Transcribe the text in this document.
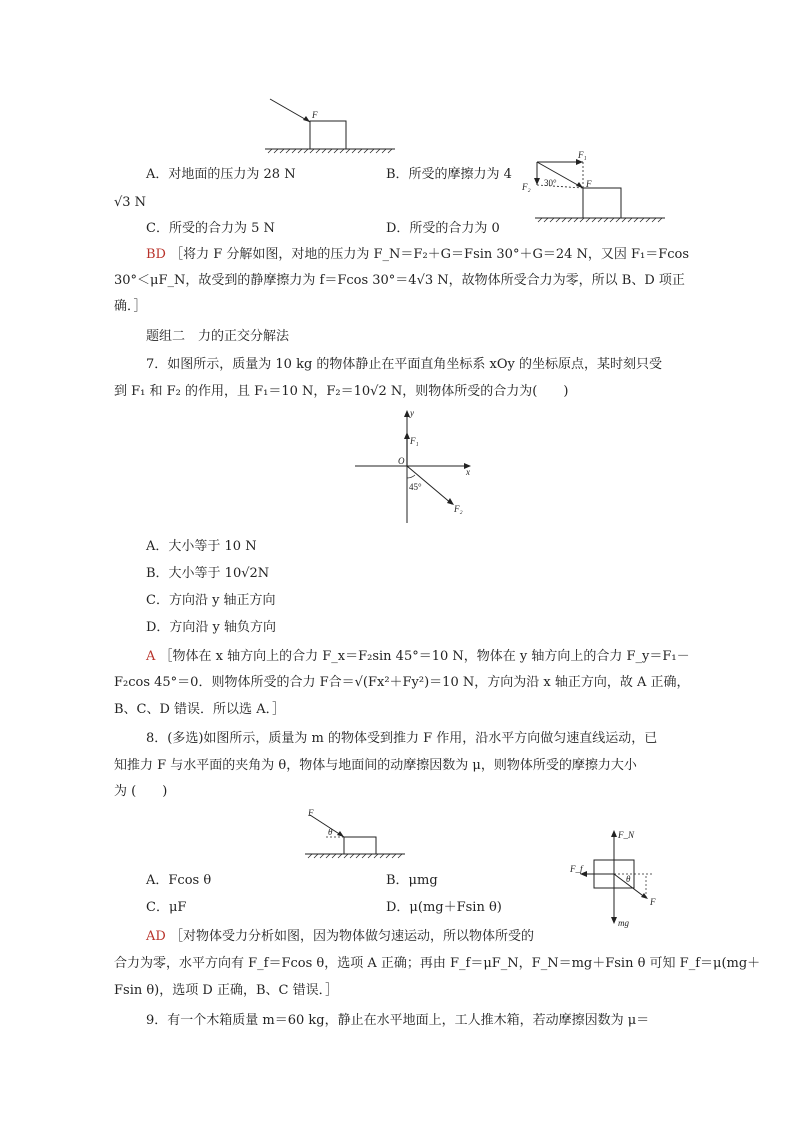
F
F₁
F₂ 30°	F
A．对地面的压力为 28 N	B．所受的摩擦力为 4
√3 N
C．所受的合力为 5 N	D．所受的合力为 0
BD ［将力 F 分解如图，对地的压力为 F_N＝F₂＋G＝Fsin 30°＋G＝24 N，又因 F₁＝Fcos
30°＜μF_N，故受到的静摩擦力为 f＝Fcos 30°＝4√3 N，故物体所受合力为零，所以 B、D 项正
确．］
题组二　力的正交分解法
7．如图所示，质量为 10 kg 的物体静止在平面直角坐标系 xOy 的坐标原点，某时刻只受
到 F₁ 和 F₂ 的作用，且 F₁＝10 N，F₂＝10√2 N，则物体所受的合力为(　　)
y
x
O
F₁
F₂
45°
A．大小等于 10 N
B．大小等于 10√2N
C．方向沿 y 轴正方向
D．方向沿 y 轴负方向
A ［物体在 x 轴方向上的合力 F_x＝F₂sin 45°＝10 N，物体在 y 轴方向上的合力 F_y＝F₁－
F₂cos 45°＝0．则物体所受的合力 F合＝√(Fx²＋Fy²)＝10 N，方向为沿 x 轴正方向，故 A 正确，
B、C、D 错误．所以选 A．］
8．(多选)如图所示，质量为 m 的物体受到推力 F 作用，沿水平方向做匀速直线运动，已
知推力 F 与水平面的夹角为 θ，物体与地面间的动摩擦因数为 μ，则物体所受的摩擦力大小
为 (　　)
F
θ	F_N
F_f
θ
F
mg
A．Fcos θ	B．μmg
C．μF	D．μ(mg＋Fsin θ)
AD ［对物体受力分析如图，因为物体做匀速运动，所以物体所受的
合力为零，水平方向有 F_f＝Fcos θ，选项 A 正确；再由 F_f＝μF_N，F_N＝mg＋Fsin θ 可知 F_f＝μ(mg＋
Fsin θ)，选项 D 正确，B、C 错误．］
9．有一个木箱质量 m＝60 kg，静止在水平地面上，工人推木箱，若动摩擦因数为 μ＝
